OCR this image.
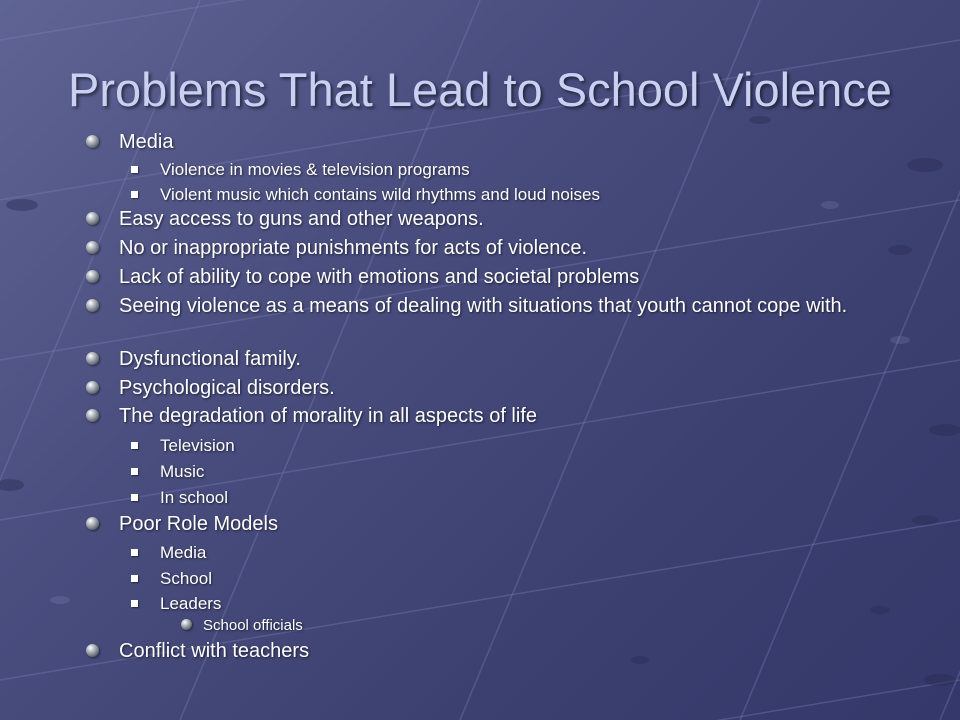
Problems That Lead to School Violence
Media
Violence in movies & television programs
Violent music which contains wild rhythms and loud noises
Easy access to guns and other weapons.
No or inappropriate punishments for acts of violence.
Lack of ability to cope with emotions and societal problems
Seeing violence as a means of dealing with situations that youth cannot cope with.
Dysfunctional family.
Psychological disorders.
The degradation of morality in all aspects of life
Television
Music
In school
Poor Role Models
Media
School
Leaders
School officials
Conflict with teachers
